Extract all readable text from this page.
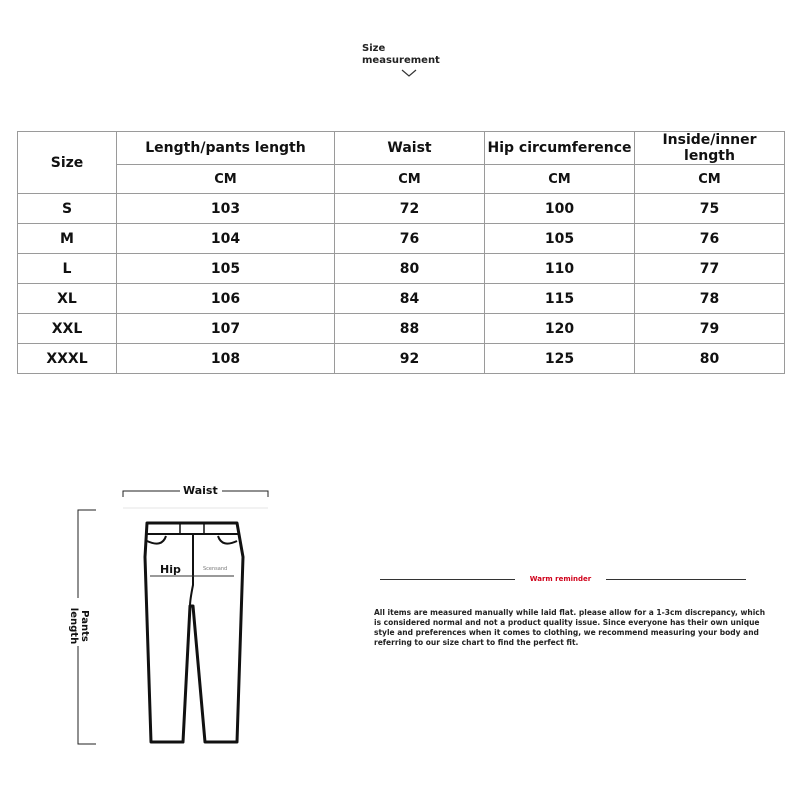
Size
measurement
Size	Length/pants length	Waist	Hip circumference	Inside/inner length
	CM	CM	CM	CM
S	103	72	100	75
M	104	76	105	76
L	105	80	110	77
XL	106	84	115	78
XXL	107	88	120	79
XXXL	108	92	125	80
Waist
Hip	Scensand
Pants length
Warm reminder
All items are measured manually while laid flat. please allow for a 1-3cm discrepancy, which is considered normal and not a product quality issue. Since everyone has their own unique style and preferences when it comes to clothing, we recommend measuring your body and referring to our size chart to find the perfect fit.
